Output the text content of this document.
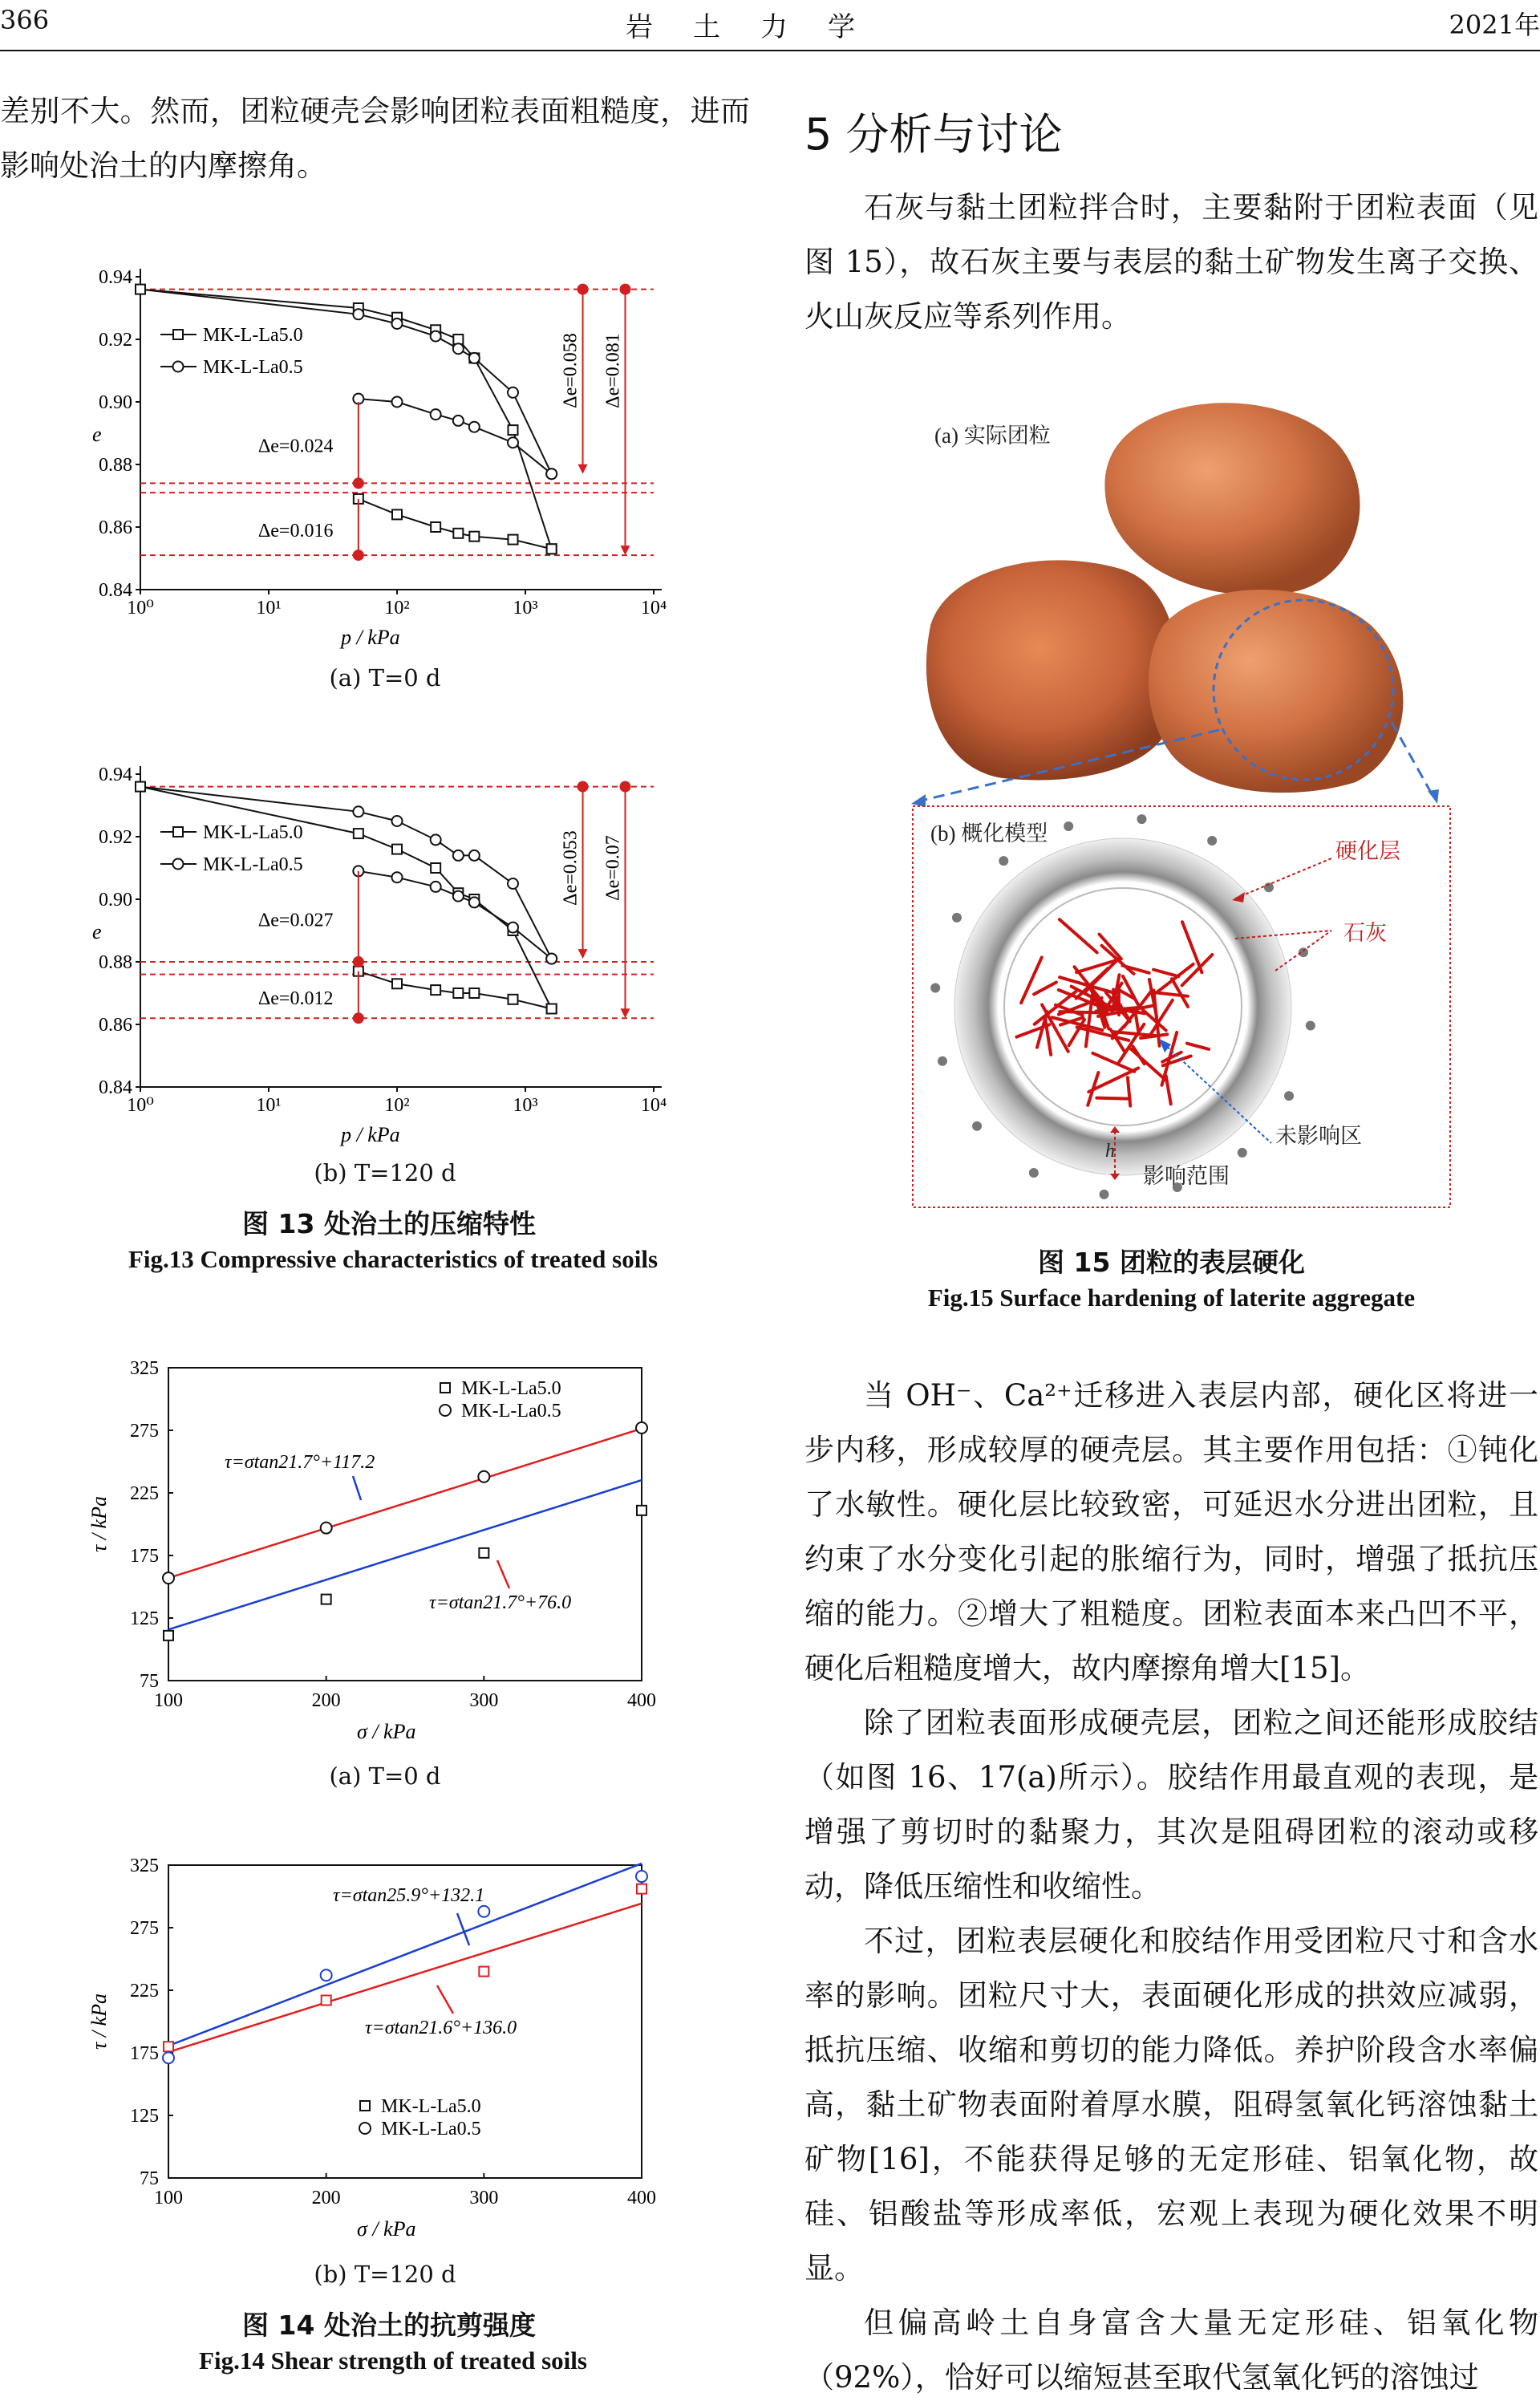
366	岩土力学	2021年

差别不大。然而，团粒硬壳会影响团粒表面粗糙度，进而影响处治土的内摩擦角。

0.84
0.86
0.88
0.90
0.92
0.94
10⁰	10¹	10²	10³	10⁴
p / kPa
e
MK-L-La5.0
MK-L-La0.5
Δe=0.024
Δe=0.016
Δe=0.058 Δe=0.081
(a) T=0 d
0.84
0.86
0.88
0.90
0.92
0.94
10⁰	10¹	10²	10³	10⁴
p / kPa
e
MK-L-La5.0
MK-L-La0.5
Δe=0.027
Δe=0.012
Δe=0.053 Δe=0.07
(b) T=120 d
图 13 处治土的压缩特性
Fig.13 Compressive characteristics of treated soils
75
125
175
225
275
325
100	200	300	400
σ / kPa
τ / kPa
MK-L-La5.0
MK-L-La0.5
τ=σtan21.7°+117.2
τ=σtan21.7°+76.0
(a) T=0 d
75
125
175
225
275
325
100	200	300	400
σ / kPa
τ / kPa
MK-L-La5.0
MK-L-La0.5
τ=σtan25.9°+132.1
τ=σtan21.6°+136.0
(b) T=120 d
图 14 处治土的抗剪强度
Fig.14 Shear strength of treated soils
5 分析与讨论

石灰与黏土团粒拌合时，主要黏附于团粒表面（见图 15），故石灰主要与表层的黏土矿物发生离子交换、火山灰反应等系列作用。

(a) 实际团粒
(b) 概化模型
硬化层
石灰
未影响区
h
影响范围
图 15 团粒的表层硬化
Fig.15 Surface hardening of laterite aggregate

当 OH⁻、Ca²⁺迁移进入表层内部，硬化区将进一步内移，形成较厚的硬壳层。其主要作用包括：①钝化了水敏性。硬化层比较致密，可延迟水分进出团粒，且约束了水分变化引起的胀缩行为，同时，增强了抵抗压缩的能力。②增大了粗糙度。团粒表面本来凸凹不平，硬化后粗糙度增大，故内摩擦角增大[15]。

除了团粒表面形成硬壳层，团粒之间还能形成胶结（如图 16、17(a)所示）。胶结作用最直观的表现，是增强了剪切时的黏聚力，其次是阻碍团粒的滚动或移动，降低压缩性和收缩性。

不过，团粒表层硬化和胶结作用受团粒尺寸和含水率的影响。团粒尺寸大，表面硬化形成的拱效应减弱，抵抗压缩、收缩和剪切的能力降低。养护阶段含水率偏高，黏土矿物表面附着厚水膜，阻碍氢氧化钙溶蚀黏土矿物[16]，不能获得足够的无定形硅、铝氧化物，故硅、铝酸盐等形成率低，宏观上表现为硬化效果不明显。

但偏高岭土自身富含大量无定形硅、铝氧化物（92%），恰好可以缩短甚至取代氢氧化钙的溶蚀过
